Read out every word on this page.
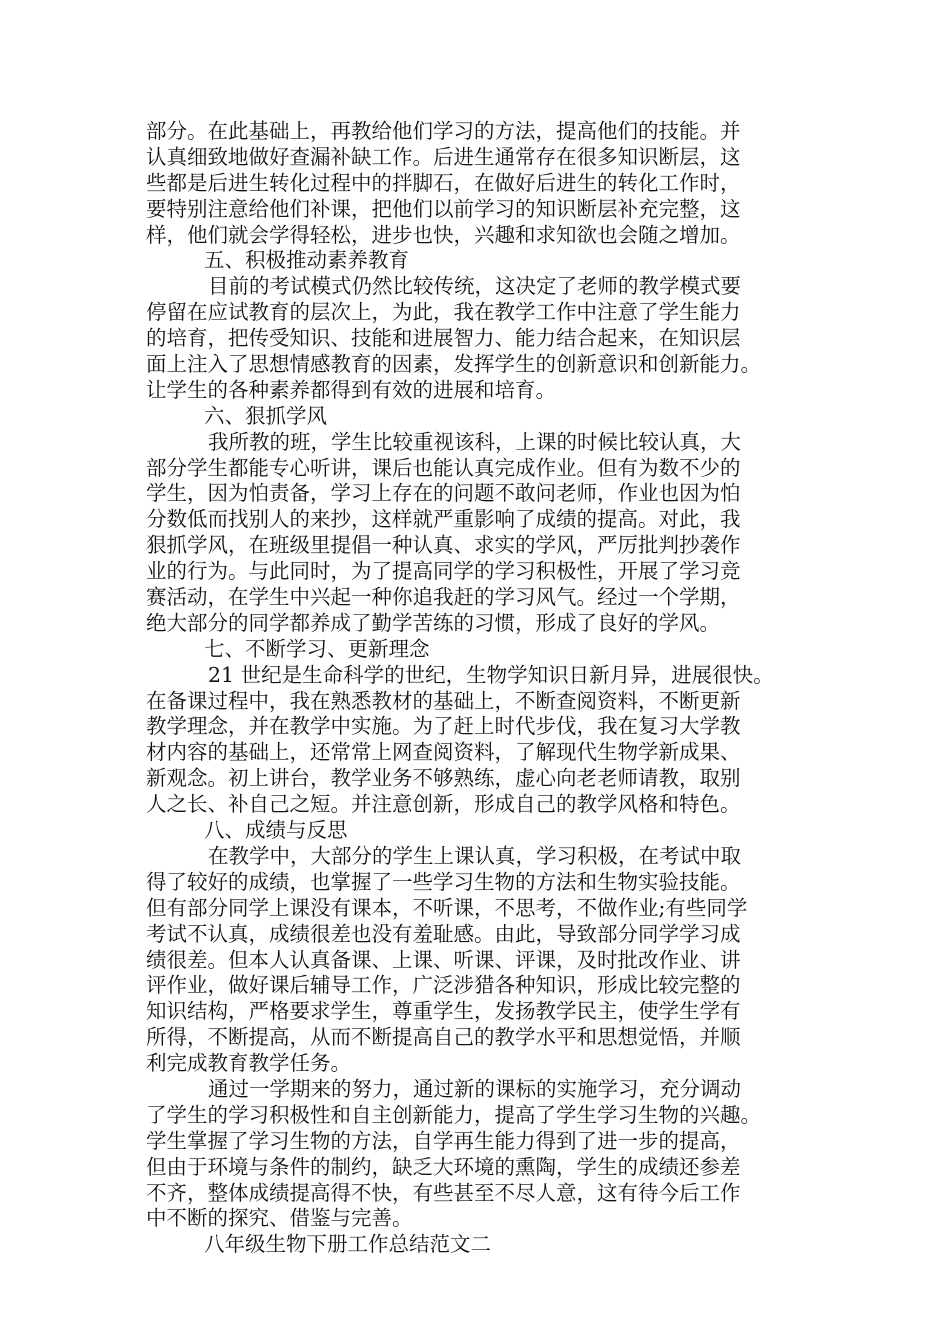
部分。在此基础上，再教给他们学习的方法，提高他们的技能。并
认真细致地做好查漏补缺工作。后进生通常存在很多知识断层，这
些都是后进生转化过程中的拌脚石，在做好后进生的转化工作时，
要特别注意给他们补课，把他们以前学习的知识断层补充完整，这
样，他们就会学得轻松，进步也快，兴趣和求知欲也会随之增加。
五、积极推动素养教育
目前的考试模式仍然比较传统，这决定了老师的教学模式要
停留在应试教育的层次上，为此，我在教学工作中注意了学生能力
的培育，把传受知识、技能和进展智力、能力结合起来，在知识层
面上注入了思想情感教育的因素，发挥学生的创新意识和创新能力。
让学生的各种素养都得到有效的进展和培育。
六、狠抓学风
我所教的班，学生比较重视该科，上课的时候比较认真，大
部分学生都能专心听讲，课后也能认真完成作业。但有为数不少的
学生，因为怕责备，学习上存在的问题不敢问老师，作业也因为怕
分数低而找别人的来抄，这样就严重影响了成绩的提高。对此，我
狠抓学风，在班级里提倡一种认真、求实的学风，严厉批判抄袭作
业的行为。与此同时，为了提高同学的学习积极性，开展了学习竞
赛活动，在学生中兴起一种你追我赶的学习风气。经过一个学期，
绝大部分的同学都养成了勤学苦练的习惯，形成了良好的学风。
七、不断学习、更新理念
21 世纪是生命科学的世纪，生物学知识日新月异，进展很快。
在备课过程中，我在熟悉教材的基础上，不断查阅资料，不断更新
教学理念，并在教学中实施。为了赶上时代步伐，我在复习大学教
材内容的基础上，还常常上网查阅资料，了解现代生物学新成果、
新观念。初上讲台，教学业务不够熟练，虚心向老老师请教，取别
人之长、补自己之短。并注意创新，形成自己的教学风格和特色。
八、成绩与反思
在教学中，大部分的学生上课认真，学习积极，在考试中取
得了较好的成绩，也掌握了一些学习生物的方法和生物实验技能。
但有部分同学上课没有课本，不听课，不思考，不做作业;有些同学
考试不认真，成绩很差也没有羞耻感。由此，导致部分同学学习成
绩很差。但本人认真备课、上课、听课、评课，及时批改作业、讲
评作业，做好课后辅导工作，广泛涉猎各种知识，形成比较完整的
知识结构，严格要求学生，尊重学生，发扬教学民主，使学生学有
所得，不断提高，从而不断提高自己的教学水平和思想觉悟，并顺
利完成教育教学任务。
通过一学期来的努力，通过新的课标的实施学习，充分调动
了学生的学习积极性和自主创新能力，提高了学生学习生物的兴趣。
学生掌握了学习生物的方法，自学再生能力得到了进一步的提高，
但由于环境与条件的制约，缺乏大环境的熏陶，学生的成绩还参差
不齐，整体成绩提高得不快，有些甚至不尽人意，这有待今后工作
中不断的探究、借鉴与完善。
八年级生物下册工作总结范文二
